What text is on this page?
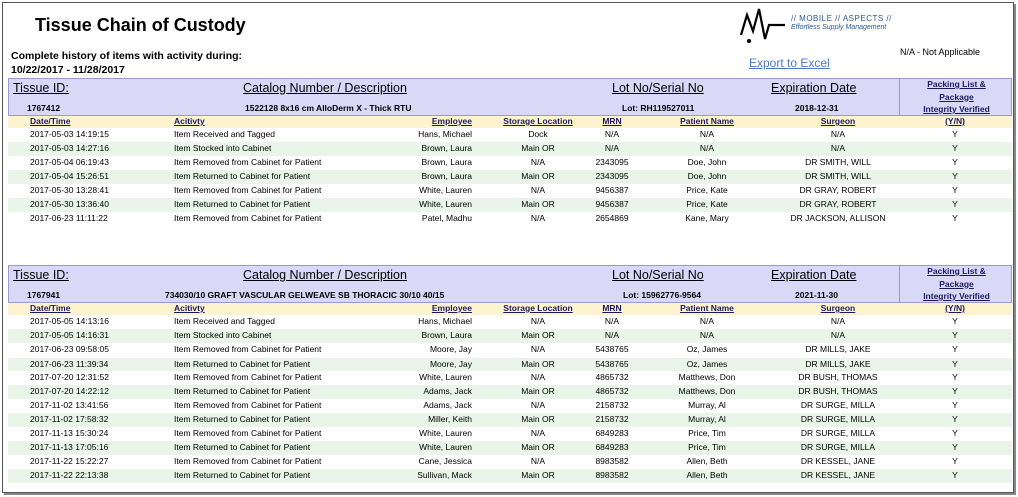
Tissue Chain of Custody
Complete history of items with activity during:
10/22/2017 - 11/28/2017
// MOBILE // ASPECTS //
Effortless Supply Management
Export to Excel
N/A - Not Applicable
Tissue ID:	Catalog Number / Description	Lot No/Serial No	Expiration Date
1767412	1522128 8x16 cm AlloDerm X - Thick RTU	Lot: RH119527011	2018-12-31
Packing List &
Package
Integrity Verified
Date/Time	Acitivty	Employee	Storage Location	MRN	Patient Name	Surgeon	(Y/N)
2017-05-03 14:19:15	Item Received and Tagged	Hans, Michael	Dock	N/A	N/A	N/A	Y
2017-05-03 14:27:16	Item Stocked into Cabinet	Brown, Laura	Main OR	N/A	N/A	N/A	Y
2017-05-04 06:19:43	Item Removed from Cabinet for Patient	Brown, Laura	N/A	2343095	Doe, John	DR SMITH, WILL	Y
2017-05-04 15:26:51	Item Returned to Cabinet for Patient	Brown, Laura	Main OR	2343095	Doe, John	DR SMITH, WILL	Y
2017-05-30 13:28:41	Item Removed from Cabinet for Patient	White, Lauren	N/A	9456387	Price, Kate	DR GRAY, ROBERT	Y
2017-05-30 13:36:40	Item Returned to Cabinet for Patient	White, Lauren	Main OR	9456387	Price, Kate	DR GRAY, ROBERT	Y
2017-06-23 11:11:22	Item Removed from Cabinet for Patient	Patel, Madhu	N/A	2654869	Kane, Mary	DR JACKSON, ALLISON	Y
Tissue ID:	Catalog Number / Description	Lot No/Serial No	Expiration Date
1767941	734030/10 GRAFT VASCULAR GELWEAVE SB THORACIC 30/10 40/15	Lot: 15962776-9564	2021-11-30
Packing List &
Package
Integrity Verified
Date/Time	Acitivty	Employee	Storage Location	MRN	Patient Name	Surgeon	(Y/N)
2017-05-05 14:13:16	Item Received and Tagged	Hans, Michael	N/A	N/A	N/A	N/A	Y
2017-05-05 14:16:31	Item Stocked into Cabinet	Brown, Laura	Main OR	N/A	N/A	N/A	Y
2017-06-23 09:58:05	Item Removed from Cabinet for Patient	Moore, Jay	N/A	5438765	Oz, James	DR MILLS, JAKE	Y
2017-06-23 11:39:34	Item Returned to Cabinet for Patient	Moore, Jay	Main OR	5438765	Oz, James	DR MILLS, JAKE	Y
2017-07-20 12:31:52	Item Removed from Cabinet for Patient	White, Lauren	N/A	4865732	Matthews, Don	DR BUSH, THOMAS	Y
2017-07-20 14:22:12	Item Returned to Cabinet for Patient	Adams, Jack	Main OR	4865732	Matthews, Don	DR BUSH, THOMAS	Y
2017-11-02 13:41:56	Item Removed from Cabinet for Patient	Adams, Jack	N/A	2158732	Murray, Al	DR SURGE, MILLA	Y
2017-11-02 17:58:32	Item Returned to Cabinet for Patient	Miller, Keith	Main OR	2158732	Murray, Al	DR SURGE, MILLA	Y
2017-11-13 15:30:24	Item Removed from Cabinet for Patient	White, Lauren	N/A	6849283	Price, Tim	DR SURGE, MILLA	Y
2017-11-13 17:05:16	Item Returned to Cabinet for Patient	White, Lauren	Main OR	6849283	Price, Tim	DR SURGE, MILLA	Y
2017-11-22 15:22:27	Item Removed from Cabinet for Patient	Cane, Jessica	N/A	8983582	Allen, Beth	DR KESSEL, JANE	Y
2017-11-22 22:13:38	Item Returned to Cabinet for Patient	Sullivan, Mack	Main OR	8983582	Allen, Beth	DR KESSEL, JANE	Y
